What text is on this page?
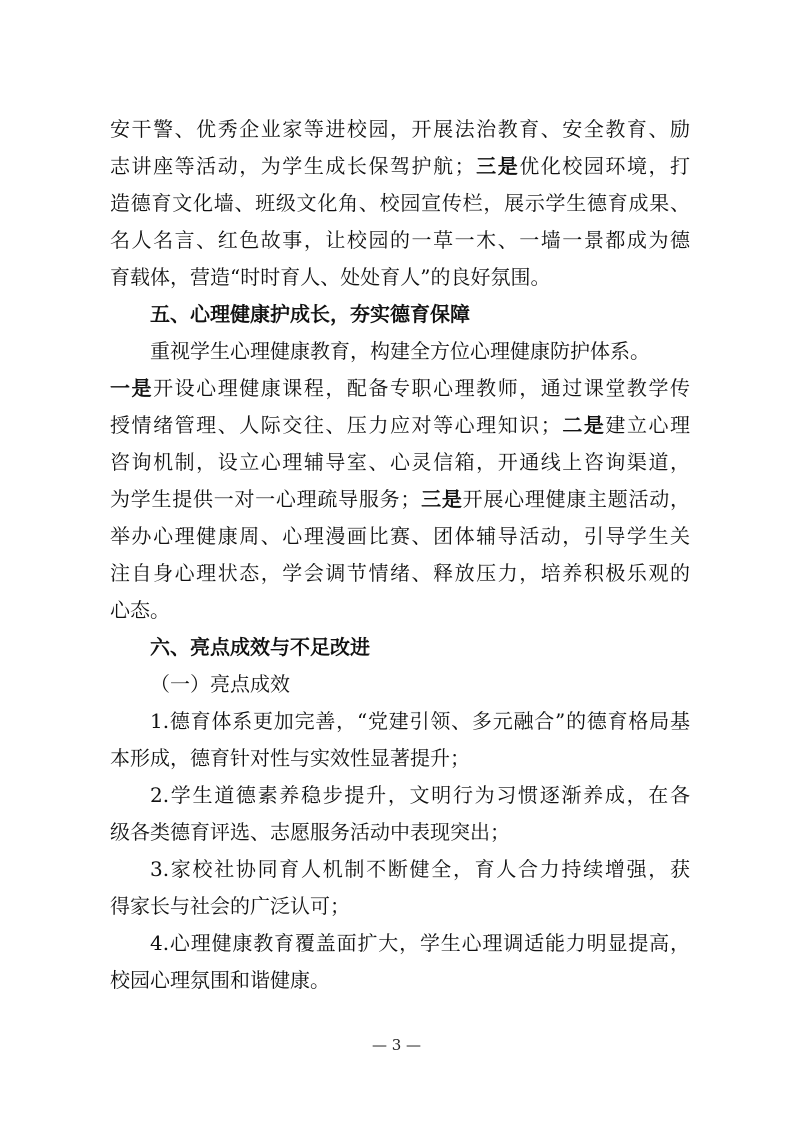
安干警、优秀企业家等进校园，开展法治教育、安全教育、励
志讲座等活动，为学生成长保驾护航；三是优化校园环境，打
造德育文化墙、班级文化角、校园宣传栏，展示学生德育成果、
名人名言、红色故事，让校园的一草一木、一墙一景都成为德
育载体，营造“时时育人、处处育人”的良好氛围。
五、心理健康护成长，夯实德育保障
重视学生心理健康教育，构建全方位心理健康防护体系。
一是开设心理健康课程，配备专职心理教师，通过课堂教学传
授情绪管理、人际交往、压力应对等心理知识；二是建立心理
咨询机制，设立心理辅导室、心灵信箱，开通线上咨询渠道，
为学生提供一对一心理疏导服务；三是开展心理健康主题活动，
举办心理健康周、心理漫画比赛、团体辅导活动，引导学生关
注自身心理状态，学会调节情绪、释放压力，培养积极乐观的
心态。
六、亮点成效与不足改进
（一）亮点成效
1.德育体系更加完善，“党建引领、多元融合”的德育格局基
本形成，德育针对性与实效性显著提升；
2.学生道德素养稳步提升，文明行为习惯逐渐养成，在各
级各类德育评选、志愿服务活动中表现突出；
3.家校社协同育人机制不断健全，育人合力持续增强，获
得家长与社会的广泛认可；
4.心理健康教育覆盖面扩大，学生心理调适能力明显提高，
校园心理氛围和谐健康。
— 3 —
